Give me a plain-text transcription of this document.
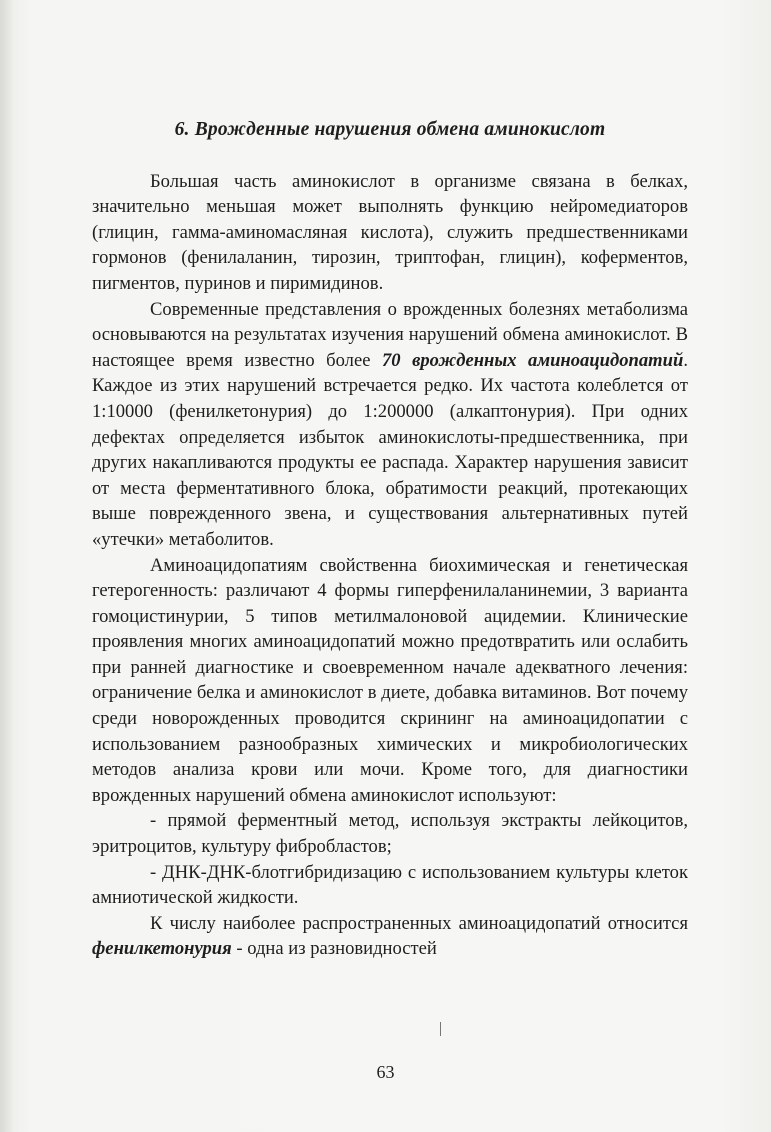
6. Врожденные нарушения обмена аминокислот

Большая часть аминокислот в организме связана в белках, значительно меньшая может выполнять функцию нейромедиаторов (глицин, гамма-аминомасляная кислота), служить предшественниками гормонов (фенилаланин, тирозин, триптофан, глицин), коферментов, пигментов, пуринов и пиримидинов.

Современные представления о врожденных болезнях метаболизма основываются на результатах изучения нарушений обмена аминокислот. В настоящее время известно более 70 врожденных аминоацидопатий. Каждое из этих нарушений встречается редко. Их частота колеблется от 1:10000 (фенилкетонурия) до 1:200000 (алкаптонурия). При одних дефектах определяется избыток аминокислоты-предшественника, при других накапливаются продукты ее распада. Характер нарушения зависит от места ферментативного блока, обратимости реакций, протекающих выше поврежденного звена, и существования альтернативных путей «утечки» метаболитов.

Аминоацидопатиям свойственна биохимическая и генетическая гетерогенность: различают 4 формы гиперфенилаланинемии, 3 варианта гомоцистинурии, 5 типов метилмалоновой ацидемии. Клинические проявления многих аминоацидопатий можно предотвратить или ослабить при ранней диагностике и своевременном начале адекватного лечения: ограничение белка и аминокислот в диете, добавка витаминов. Вот почему среди новорожденных проводится скрининг на аминоацидопатии с использованием разнообразных химических и микробиологических методов анализа крови или мочи. Кроме того, для диагностики врожденных нарушений обмена аминокислот используют:

- прямой ферментный метод, используя экстракты лейкоцитов, эритроцитов, культуру фибробластов;

- ДНК-ДНК-блотгибридизацию с использованием культуры клеток амниотической жидкости.

К числу наиболее распространенных аминоацидопатий относится фенилкетонурия - одна из разновидностей

63
